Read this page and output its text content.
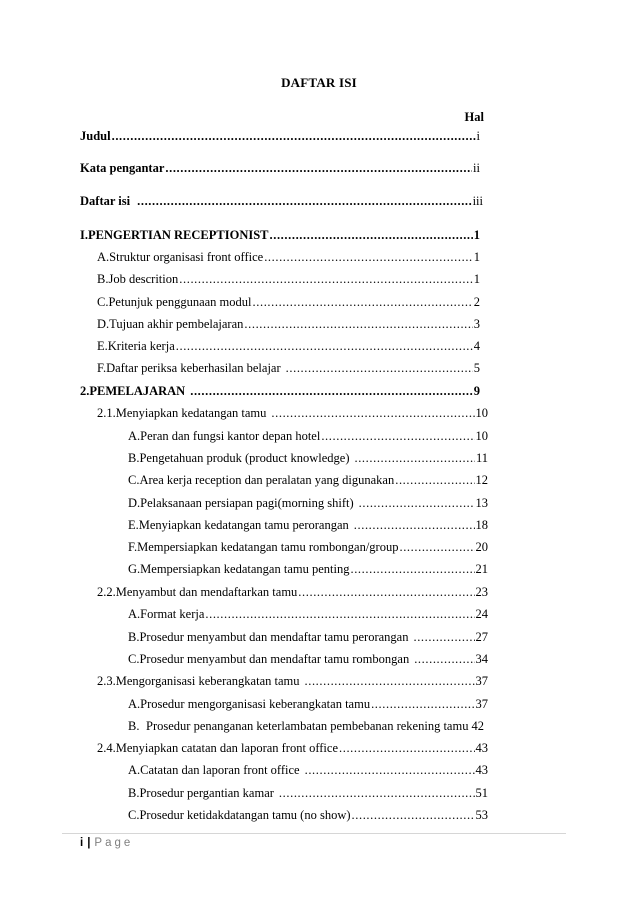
DAFTAR ISI
Hal
Judul .....	i
Kata pengantar .....	ii
Daftar isi .....	iii
I. PENGERTIAN RECEPTIONIST .....	1
A. Struktur organisasi front office .....	1
B. Job descrition .....	1
C. Petunjuk penggunaan modul .....	2
D. Tujuan akhir pembelajaran .....	3
E. Kriteria kerja .....	4
F. Daftar periksa keberhasilan belajar .....	5
2. PEMELAJARAN .....	9
2.1. Menyiapkan kedatangan tamu .....	10
A. Peran dan fungsi kantor depan hotel .....	10
B. Pengetahuan produk (product knowledge) .....	11
C. Area kerja reception dan peralatan yang digunakan .....	12
D. Pelaksanaan persiapan pagi(morning shift) .....	13
E. Menyiapkan kedatangan tamu perorangan .....	18
F. Mempersiapkan kedatangan tamu rombongan/group .....	20
G. Mempersiapkan kedatangan tamu penting .....	21
2.2. Menyambut dan mendaftarkan tamu .....	23
A. Format kerja .....	24
B. Prosedur menyambut dan mendaftar tamu perorangan .....	27
C. Prosedur menyambut dan mendaftar tamu rombongan .....	34
2.3. Mengorganisasi keberangkatan tamu .....	37
A. Prosedur mengorganisasi keberangkatan tamu .....	37
B. Prosedur penanganan keterlambatan pembebanan rekening tamu 42
2.4. Menyiapkan catatan dan laporan front office .....	43
A. Catatan dan laporan front office .....	43
B. Prosedur pergantian kamar .....	51
C. Prosedur ketidakdatangan tamu (no show) .....	53
i | Page
